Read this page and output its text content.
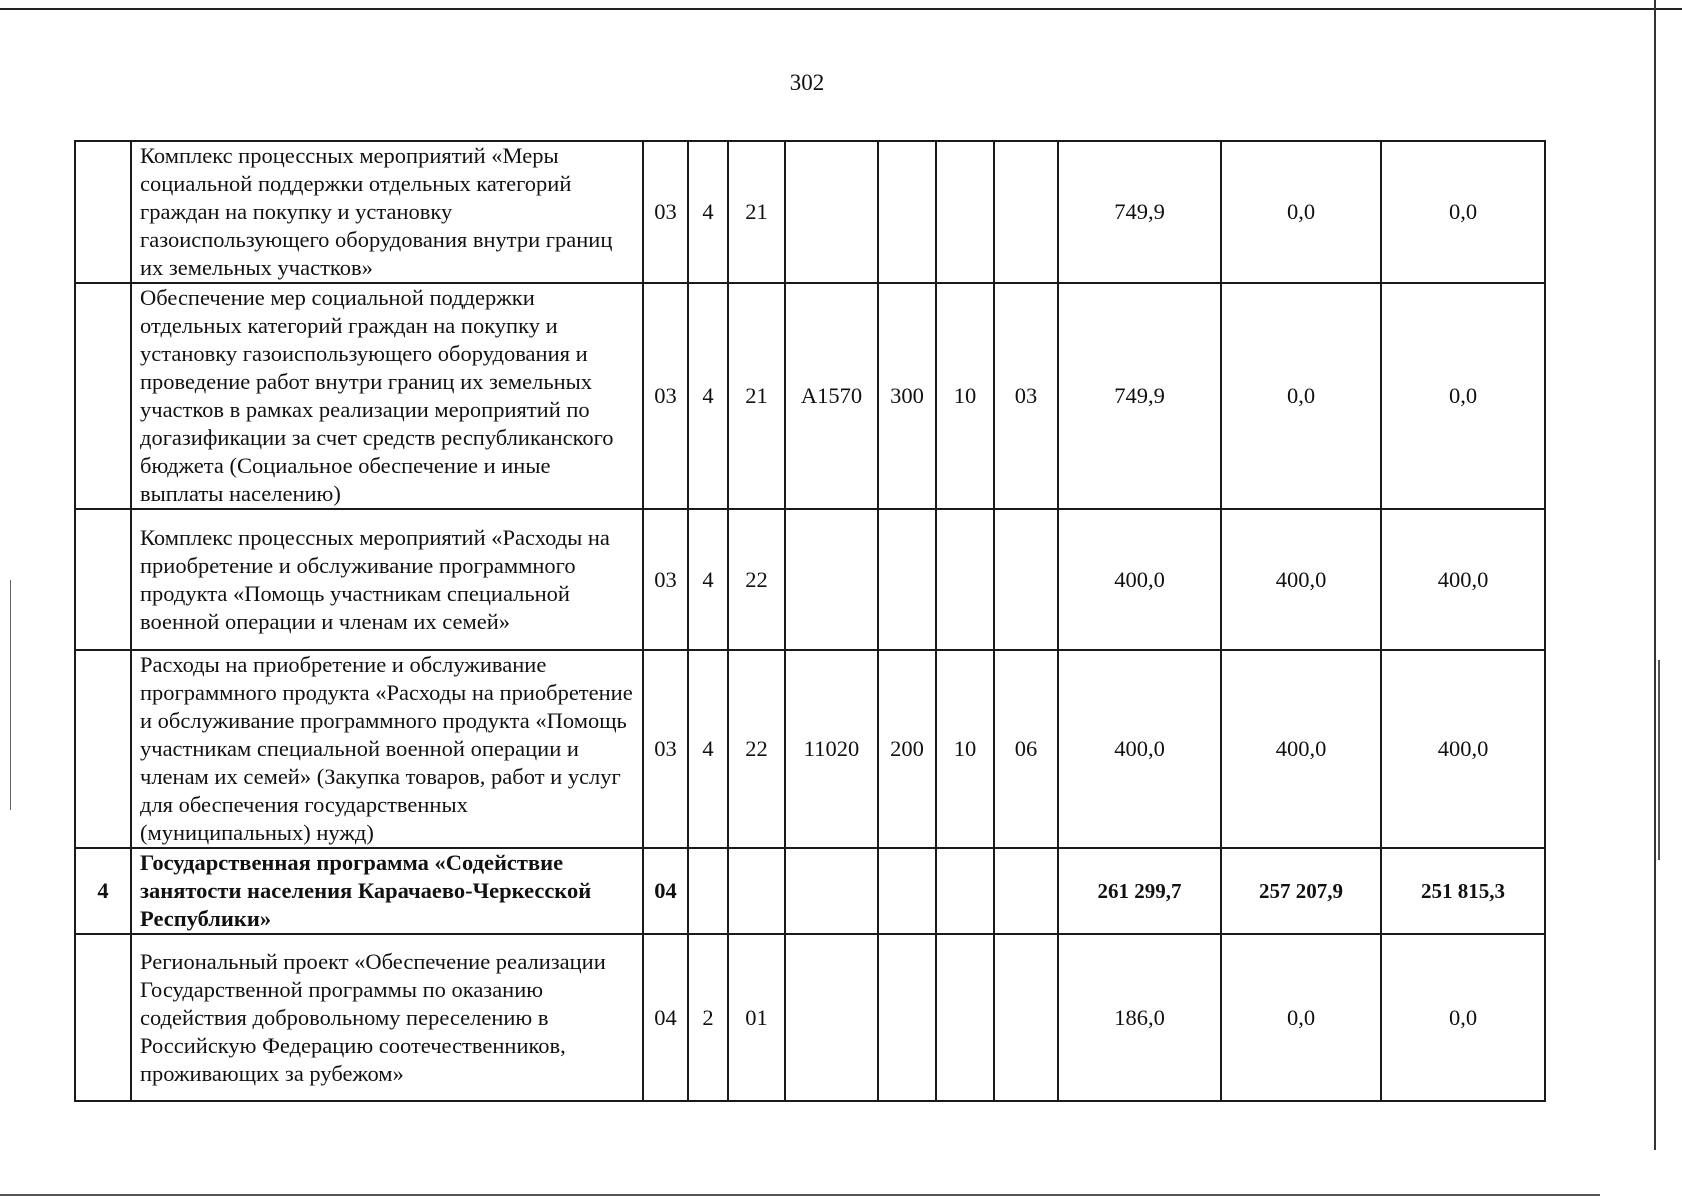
302
	Комплекс процессных мероприятий «Меры социальной поддержки отдельных категорий граждан на покупку и установку газоиспользующего оборудования внутри границ их земельных участков»	03	4	21					749,9	0,0	0,0
	Обеспечение мер социальной поддержки отдельных категорий граждан на покупку и установку газоиспользующего оборудования и проведение работ внутри границ их земельных участков в рамках реализации мероприятий по догазификации за счет средств республиканского бюджета (Социальное обеспечение и иные выплаты населению)	03	4	21	A1570	300	10	03	749,9	0,0	0,0
	Комплекс процессных мероприятий «Расходы на приобретение и обслуживание программного продукта «Помощь участникам специальной военной операции и членам их семей»	03	4	22					400,0	400,0	400,0
	Расходы на приобретение и обслуживание программного продукта «Расходы на приобретение и обслуживание программного продукта «Помощь участникам специальной военной операции и членам их семей» (Закупка товаров, работ и услуг для обеспечения государственных (муниципальных) нужд)	03	4	22	11020	200	10	06	400,0	400,0	400,0
4	Государственная программа «Содействие занятости населения Карачаево-Черкесской Республики»	04							261 299,7	257 207,9	251 815,3
	Региональный проект «Обеспечение реализации Государственной программы по оказанию содействия добровольному переселению в Российскую Федерацию соотечественников, проживающих за рубежом»	04	2	01					186,0	0,0	0,0
